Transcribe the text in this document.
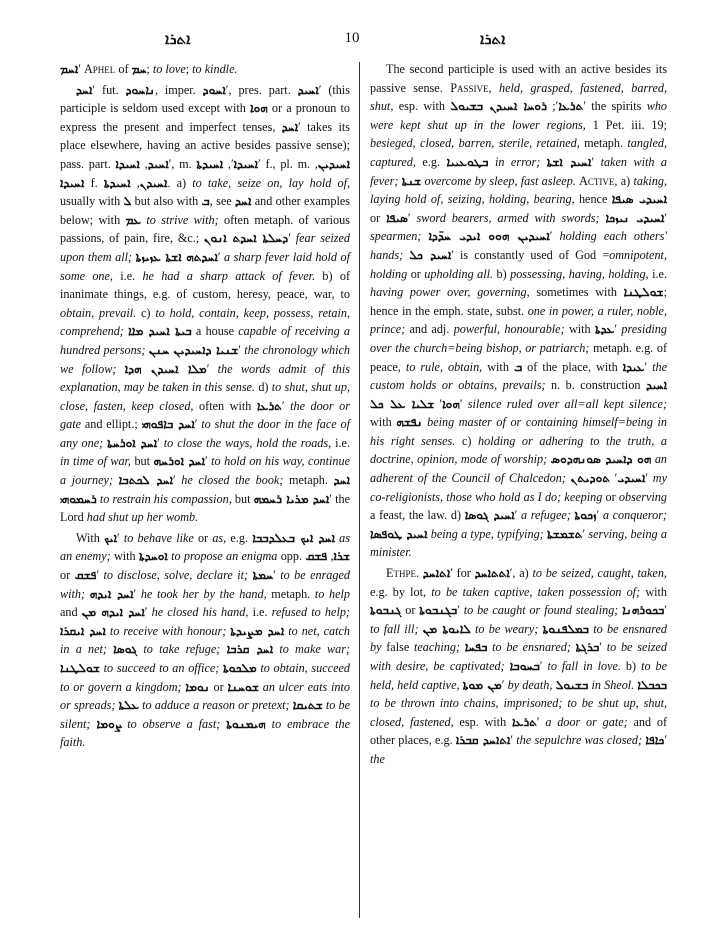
ܐܬܪܐ	10	ܐܬܪܐ

ܐܚܡʹ Aphel of ܚܡ; to love; to kindle.

ܐܚܕʹ fut. ܢܐܚܘܕ, imper. ܐܚܘܕʹ, pres. part. ܐܚܝܕʹ (this participle is seldom used except with ܗܘܐ or a pronoun to express the present and imperfect tenses, ܐܚܕʹ takes its place elsewhere, having an active besides passive sense); pass. part.	ܐܚܝܕ, ܐܚܝܕܐ ʹ, m.	ܐܚܝܕܐʹ, ܐܚܝܕܬܐ	ʹ f., pl. m. ܐܚܝܕܝܢ, ܐܚܝܕܐ f.	ܐܚܝܕܢ, ܐܚܝܕܬܐ	. a) to take, seize on, lay hold of, usually with ܠ but also with ܒ, see ܐܚܕ and other examples below; with ܥܡ to strive with; often metaph. of various passions, of pain, fire, &c.; ܕܚܠܬܐ ܐܚܕܬ ܐܢܘܢʹ fear seized upon them all; ܐܚܕܬܗ ܐܫܬܐ ܥܙܝܙܬܐʹ a sharp fever laid hold of some one, i.e. he had a sharp attack of fever. b) of inanimate things, e.g. of custom, heresy, peace, war, to obtain, prevail. c) to hold, contain, keep, possess, retain, comprehend; ܒܝܬܐ ܐܚܝܕ ܡܐܐ a house capable of receiving a hundred persons; ܫܢܝܐ ܕܐܚܝܕܝܢ ܚܢܢʹ the chronology which we follow; ܡܠܐ ܐܚܝܕܢ ܗܕܐʹ the words admit of this explanation, may be taken in this sense. d) to shut, shut up, close, fasten, keep closed, often with ܬܪܥܐʹ the door or gate and ellipt.; ܐܚܕ ܒܐܦܘܗܝʹ to shut the door in the face of any one; ܐܚܕ ܐܘܪܚܬܐʹ to close the ways, hold the roads, i.e. in time of war, but ܐܚܕ ܐܘܪܚܗʹ to hold on his way, continue a journey; ܐܚܕ ܠܟܬܒܐʹ he closed the book; metaph. ܐܚܕ ܪܚܡܘܗܝ to restrain his compassion, but ܐܚܕ ܡܪܝܐ ܪܚܡܗʹ the Lord had shut up her womb.

With ܐܝܟʹ to behave like or as, e.g. ܐܚܕ ܐܝܟ ܒܥܠܕܒܒܐ as an enemy; with ܐܘܚܕܬܐ to propose an enigma opp. ܫܪܐ, ܦܫܩ or ܦܫܩʹ to disclose, solve, declare it; ܚܡܬܐʹ to be enraged with; ܐܚܕ ܐܝܕܗʹ he took her by the hand, metaph. to help and ܐܚܕ ܐܝܕܗ ܡܢʹ he closed his hand, i.e. refused to help; ܐܚܕ ܐܝܩܪܐ to receive with honour; ܐܚܕ ܡܨܝܕܬܐ to net, catch in a net; ܓܘܣܐ to take refuge; ܐܚܕ ܩܪܒܐ to make war; ܫܘܠܛܢܐ to succeed to an office; ܡܠܟܘܬܐ to obtain, succeed to or govern a kingdom; ܢܘܡܐ or ܫܘܚܢܐ an ulcer eats into or spreads; ܥܠܬܐ to adduce a reason or pretext; ܫܬܝܩܐ to be silent; ܨܘܡܐ to observe a fast; ܗܝܡܢܘܬܐ to embrace the faith.

The second participle is used with an active besides its passive sense. Passive, held, grasped, fastened, barred, shut, esp. with	ܬܪܥܐʹ; ܪܘܚܐ ܐܚܝܕܢ ܒܫܝܘܠ	ʹ the spirits who were kept shut up in the lower regions, 1 Pet. iii. 19; besieged, closed, barren, sterile, retained, metaph. tangled, captured, e.g. ܒܛܘܥܝܝܐ in error; ܐܚܝܕ ܐܫܬܐʹ taken with a fever; ܫܢܬܐ overcome by sleep, fast asleep. Active, a) taking, laying hold of, seizing, holding, bearing, hence ܐܚܝܕܝ ܣܝܦܐ or ܣܝܦܐʹ sword bearers, armed with swords; ܐܚܝܕܝ ܢܝܙܟܐʹ spearmen; ܐܚܝܕܝܢ ܗܘܘ ܐܝܕܝ ܚܕ̈ܕܐʹ holding each others' hands; ܐܚܝܕ ܟܠʹ is constantly used of God =omnipotent, holding or upholding all. b) possessing, having, holding, i.e. having power over, governing, sometimes with ܫܘܠܛܢܐ; hence in the emph. state, subst. one in power, a ruler, noble, prince; and adj. powerful, honourable; with ܥܕܬܐʹ presiding over the church=being bishop, or patriarch; metaph. e.g. of peace, to rule, obtain, with ܒ of the place, with ܥܝܕܐʹ the custom holds or obtains, prevails; n. b. construction ܐܚܝܕ ܗܘܐʹ ܫܠܝܐ ܥܠ ܟܠ ʹ silence ruled over all=all kept silence; with ܢܦܫܗ being master of or containing himself=being in his right senses. c) holding or adhering to the truth, a doctrine, opinion, mode of worship; ܗܘ ܕܐܚܝܕ ܣܘܢܗܕܘܣ an adherent of the Council of Chalcedon;	ܐܚܝܕܝʹ ܬܘܕܝܬܢ	ʹ my co-religionists, those who hold as I do; keeping or observing a feast, the law. d) ܐܚܝܕ ܓܘܣܐʹ a refugee; ܙܟܘܬܐʹ a conqueror; ܐܚܝܕ ܛܘܦܣܐ being a type, typifying; ܬܫܡܫܬܐʹ serving, being a minister.

Ethpe. ܐܬܐܚܕʹ for ܐܬܬܐܚܕʹ, a) to be seized, caught, taken, e.g. by lot, to be taken captive, taken possession of; with ܓܢܒܘܬܐ or ܒܓܢܒܘܬܐʹ to be caught or found stealing; ܒܟܘܪܗܢܐʹ to fall ill; ܠܐܝܘܬܐ ܡܢ to be weary; ܒܡܠܦܢܘܬܐ to be ensnared by false teaching; ܒܦܚܐ to be ensnared; ܒܪܓܬܐʹ to be seized with desire, be captivated; ܒܚܘܒܐʹ to fall in love. b) to be held, held captive, ܡܢ ܡܘܬܐʹ by death, ܒܫܝܘܠ in Sheol. ܒܟܒܠܐ to be thrown into chains, imprisoned; to be shut up, shut, closed, fastened, esp. with ܬܪܥܐʹ a door or gate; and of other places, e.g. ܐܬܐܚܕ ܩܒܪܐʹ the sepulchre was closed; ܟܐܦܐʹ the
